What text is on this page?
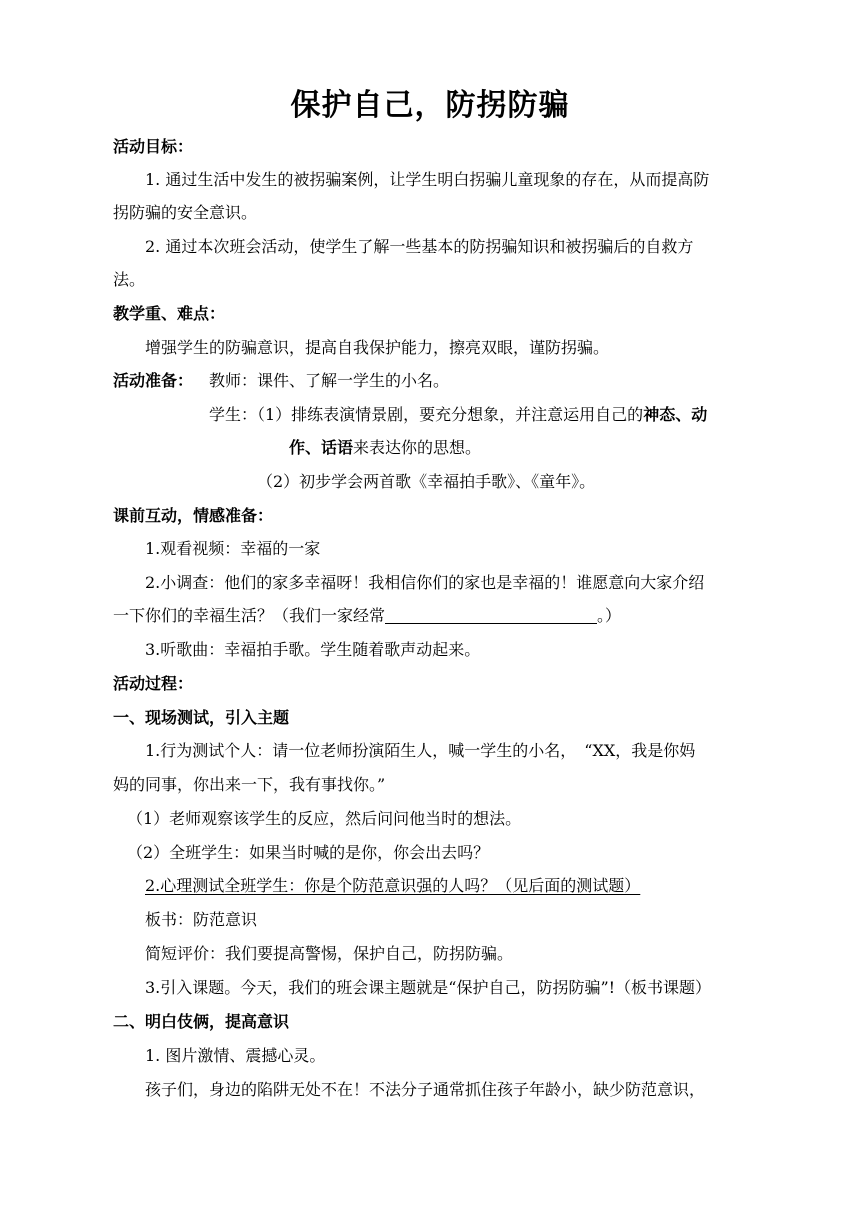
保护自己，防拐防骗
活动目标：
1. 通过生活中发生的被拐骗案例，让学生明白拐骗儿童现象的存在，从而提高防
拐防骗的安全意识。
2. 通过本次班会活动，使学生了解一些基本的防拐骗知识和被拐骗后的自救方
法。
教学重、难点：
增强学生的防骗意识，提高自我保护能力，擦亮双眼，谨防拐骗。
活动准备： 教师：课件、了解一学生的小名。
学生：（1）排练表演情景剧，要充分想象，并注意运用自己的神态、动
作、话语来表达你的思想。
（2）初步学会两首歌《幸福拍手歌》、《童年》。
课前互动，情感准备：
1.观看视频：幸福的一家
2.小调查：他们的家多幸福呀！我相信你们的家也是幸福的！谁愿意向大家介绍
一下你们的幸福生活？（我们一家经常	。）
3.听歌曲：幸福拍手歌。学生随着歌声动起来。
活动过程：
一、现场测试，引入主题
1.行为测试个人：请一位老师扮演陌生人，喊一学生的小名，　“XX，我是你妈
妈的同事，你出来一下，我有事找你。”
（1）老师观察该学生的反应，然后问问他当时的想法。
（2）全班学生：如果当时喊的是你，你会出去吗？
2.心理测试全班学生：你是个防范意识强的人吗？（见后面的测试题）
板书：防范意识
简短评价：我们要提高警惕，保护自己，防拐防骗。
3.引入课题。今天，我们的班会课主题就是“保护自己，防拐防骗”!（板书课题）
二、明白伎俩，提高意识
1. 图片激情、震撼心灵。
孩子们，身边的陷阱无处不在！不法分子通常抓住孩子年龄小，缺少防范意识，
